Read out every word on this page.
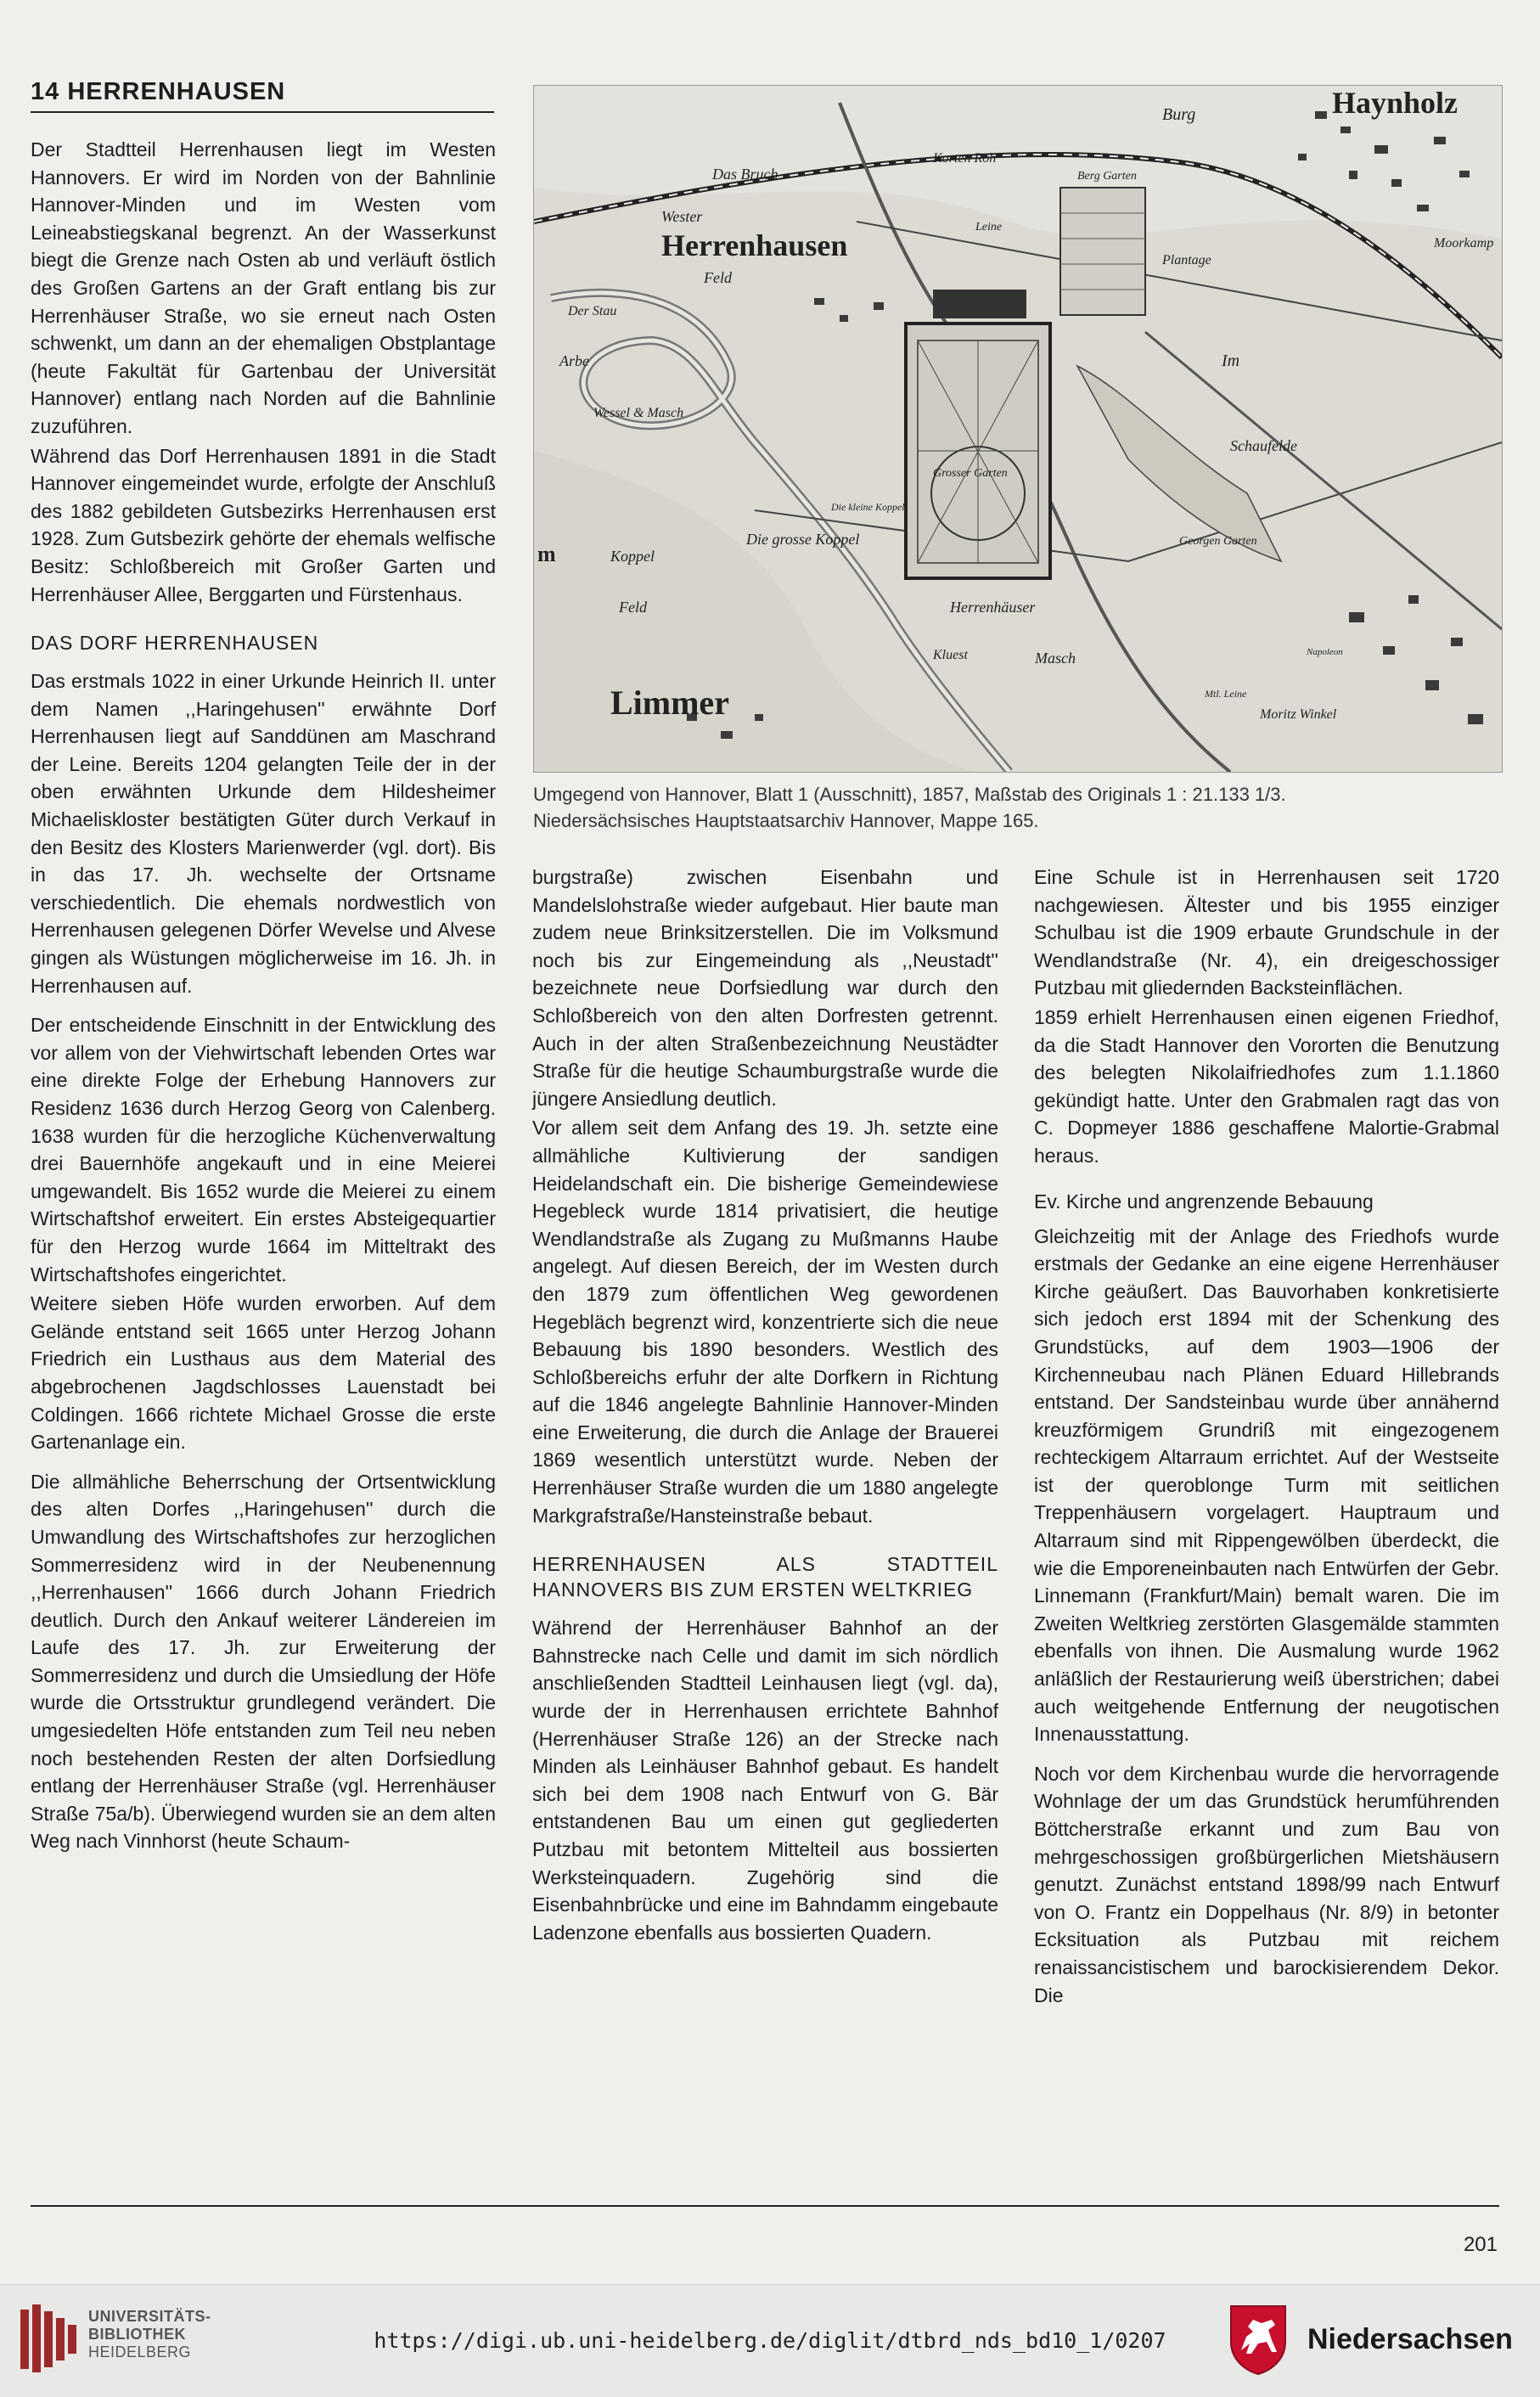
14 HERRENHAUSEN

Der Stadtteil Herrenhausen liegt im Westen Hannovers. Er wird im Norden von der Bahnlinie Hannover-Minden und im Westen vom Leineabstiegskanal begrenzt. An der Wasserkunst biegt die Grenze nach Osten ab und verläuft östlich des Großen Gartens an der Graft entlang bis zur Herrenhäuser Straße, wo sie erneut nach Osten schwenkt, um dann an der ehemaligen Obstplantage (heute Fakultät für Gartenbau der Universität Hannover) entlang nach Norden auf die Bahnlinie zuzuführen.

Während das Dorf Herrenhausen 1891 in die Stadt Hannover eingemeindet wurde, erfolgte der Anschluß des 1882 gebildeten Gutsbezirks Herrenhausen erst 1928. Zum Gutsbezirk gehörte der ehemals welfische Besitz: Schloßbereich mit Großer Garten und Herrenhäuser Allee, Berggarten und Fürstenhaus.

DAS DORF HERRENHAUSEN

Das erstmals 1022 in einer Urkunde Heinrich II. unter dem Namen ,,Haringehusen'' erwähnte Dorf Herrenhausen liegt auf Sanddünen am Maschrand der Leine. Bereits 1204 gelangten Teile der in der oben erwähnten Urkunde dem Hildesheimer Michaeliskloster bestätigten Güter durch Verkauf in den Besitz des Klosters Marienwerder (vgl. dort). Bis in das 17. Jh. wechselte der Ortsname verschiedentlich. Die ehemals nordwestlich von Herrenhausen gelegenen Dörfer Wevelse und Alvese gingen als Wüstungen möglicherweise im 16. Jh. in Herrenhausen auf.

Der entscheidende Einschnitt in der Entwicklung des vor allem von der Viehwirtschaft lebenden Ortes war eine direkte Folge der Erhebung Hannovers zur Residenz 1636 durch Herzog Georg von Calenberg. 1638 wurden für die herzogliche Küchenverwaltung drei Bauernhöfe angekauft und in eine Meierei umgewandelt. Bis 1652 wurde die Meierei zu einem Wirtschaftshof erweitert. Ein erstes Absteigequartier für den Herzog wurde 1664 im Mitteltrakt des Wirtschaftshofes eingerichtet.

Weitere sieben Höfe wurden erworben. Auf dem Gelände entstand seit 1665 unter Herzog Johann Friedrich ein Lusthaus aus dem Material des abgebrochenen Jagdschlosses Lauenstadt bei Coldingen. 1666 richtete Michael Grosse die erste Gartenanlage ein.

Die allmähliche Beherrschung der Ortsentwicklung des alten Dorfes ,,Haringehusen'' durch die Umwandlung des Wirtschaftshofes zur herzoglichen Sommerresidenz wird in der Neubenennung ,,Herrenhausen'' 1666 durch Johann Friedrich deutlich. Durch den Ankauf weiterer Ländereien im Laufe des 17. Jh. zur Erweiterung der Sommerresidenz und durch die Umsiedlung der Höfe wurde die Ortsstruktur grundlegend verändert. Die umgesiedelten Höfe entstanden zum Teil neu neben noch bestehenden Resten der alten Dorfsiedlung entlang der Herrenhäuser Straße (vgl. Herrenhäuser Straße 75a/b). Überwiegend wurden sie an dem alten Weg nach Vinnhorst (heute Schaum-

Burg	Haynholz
Das Bruch
Korten Roh
Wester
Herrenhausen
Feld
Plantage
Berg Garten
Moorkamp
Der Stau
Arbe
Wessel & Masch
Im
Schaufelde
Die grosse Koppel
Koppel
Feld
Grosser Garten
Georgen Garten
Herrenhäuser
Kluest	Masch
Moritz Winkel
Limmer
Die kleine Koppel
Leine
m
Mtl. Leine
Napoleon
Umgegend von Hannover, Blatt 1 (Ausschnitt), 1857, Maßstab des Originals 1 : 21.133 1/3.
Niedersächsisches Hauptstaatsarchiv Hannover, Mappe 165.

burgstraße) zwischen Eisenbahn und Mandelslohstraße wieder aufgebaut. Hier baute man zudem neue Brinksitzerstellen. Die im Volksmund noch bis zur Eingemeindung als ,,Neustadt'' bezeichnete neue Dorfsiedlung war durch den Schloßbereich von den alten Dorfresten getrennt. Auch in der alten Straßenbezeichnung Neustädter Straße für die heutige Schaumburgstraße wurde die jüngere Ansiedlung deutlich.

Vor allem seit dem Anfang des 19. Jh. setzte eine allmähliche Kultivierung der sandigen Heidelandschaft ein. Die bisherige Gemeindewiese Hegebleck wurde 1814 privatisiert, die heutige Wendlandstraße als Zugang zu Mußmanns Haube angelegt. Auf diesen Bereich, der im Westen durch den 1879 zum öffentlichen Weg gewordenen Hegebläch begrenzt wird, konzentrierte sich die neue Bebauung bis 1890 besonders. Westlich des Schloßbereichs erfuhr der alte Dorfkern in Richtung auf die 1846 angelegte Bahnlinie Hannover-Minden eine Erweiterung, die durch die Anlage der Brauerei 1869 wesentlich unterstützt wurde. Neben der Herrenhäuser Straße wurden die um 1880 angelegte Markgrafstraße/Hansteinstraße bebaut.

HERRENHAUSEN ALS STADTTEIL HANNOVERS BIS ZUM ERSTEN WELTKRIEG

Während der Herrenhäuser Bahnhof an der Bahnstrecke nach Celle und damit im sich nördlich anschließenden Stadtteil Leinhausen liegt (vgl. da), wurde der in Herrenhausen errichtete Bahnhof (Herrenhäuser Straße 126) an der Strecke nach Minden als Leinhäuser Bahnhof gebaut. Es handelt sich bei dem 1908 nach Entwurf von G. Bär entstandenen Bau um einen gut gegliederten Putzbau mit betontem Mittelteil aus bossierten Werksteinquadern. Zugehörig sind die Eisenbahnbrücke und eine im Bahndamm eingebaute Ladenzone ebenfalls aus bossierten Quadern.

Eine Schule ist in Herrenhausen seit 1720 nachgewiesen. Ältester und bis 1955 einziger Schulbau ist die 1909 erbaute Grundschule in der Wendlandstraße (Nr. 4), ein dreigeschossiger Putzbau mit gliedernden Backsteinflächen.

1859 erhielt Herrenhausen einen eigenen Friedhof, da die Stadt Hannover den Vororten die Benutzung des belegten Nikolaifriedhofes zum 1.1.1860 gekündigt hatte. Unter den Grabmalen ragt das von C. Dopmeyer 1886 geschaffene Malortie-Grabmal heraus.

Ev. Kirche und angrenzende Bebauung

Gleichzeitig mit der Anlage des Friedhofs wurde erstmals der Gedanke an eine eigene Herrenhäuser Kirche geäußert. Das Bauvorhaben konkretisierte sich jedoch erst 1894 mit der Schenkung des Grundstücks, auf dem 1903—1906 der Kirchenneubau nach Plänen Eduard Hillebrands entstand. Der Sandsteinbau wurde über annähernd kreuzförmigem Grundriß mit eingezogenem rechteckigem Altarraum errichtet. Auf der Westseite ist der queroblonge Turm mit seitlichen Treppenhäusern vorgelagert. Hauptraum und Altarraum sind mit Rippengewölben überdeckt, die wie die Emporeneinbauten nach Entwürfen der Gebr. Linnemann (Frankfurt/Main) bemalt waren. Die im Zweiten Weltkrieg zerstörten Glasgemälde stammten ebenfalls von ihnen. Die Ausmalung wurde 1962 anläßlich der Restaurierung weiß überstrichen; dabei auch weitgehende Entfernung der neugotischen Innenausstattung.

Noch vor dem Kirchenbau wurde die hervorragende Wohnlage der um das Grundstück herumführenden Böttcherstraße erkannt und zum Bau von mehrgeschossigen großbürgerlichen Mietshäusern genutzt. Zunächst entstand 1898/99 nach Entwurf von O. Frantz ein Doppelhaus (Nr. 8/9) in betonter Ecksituation als Putzbau mit reichem renaissancistischem und barockisierendem Dekor. Die

201
UNIVERSITÄTS-
BIBLIOTHEK
HEIDELBERG	https://digi.ub.uni-heidelberg.de/diglit/dtbrd_nds_bd10_1/0207	Niedersachsen
